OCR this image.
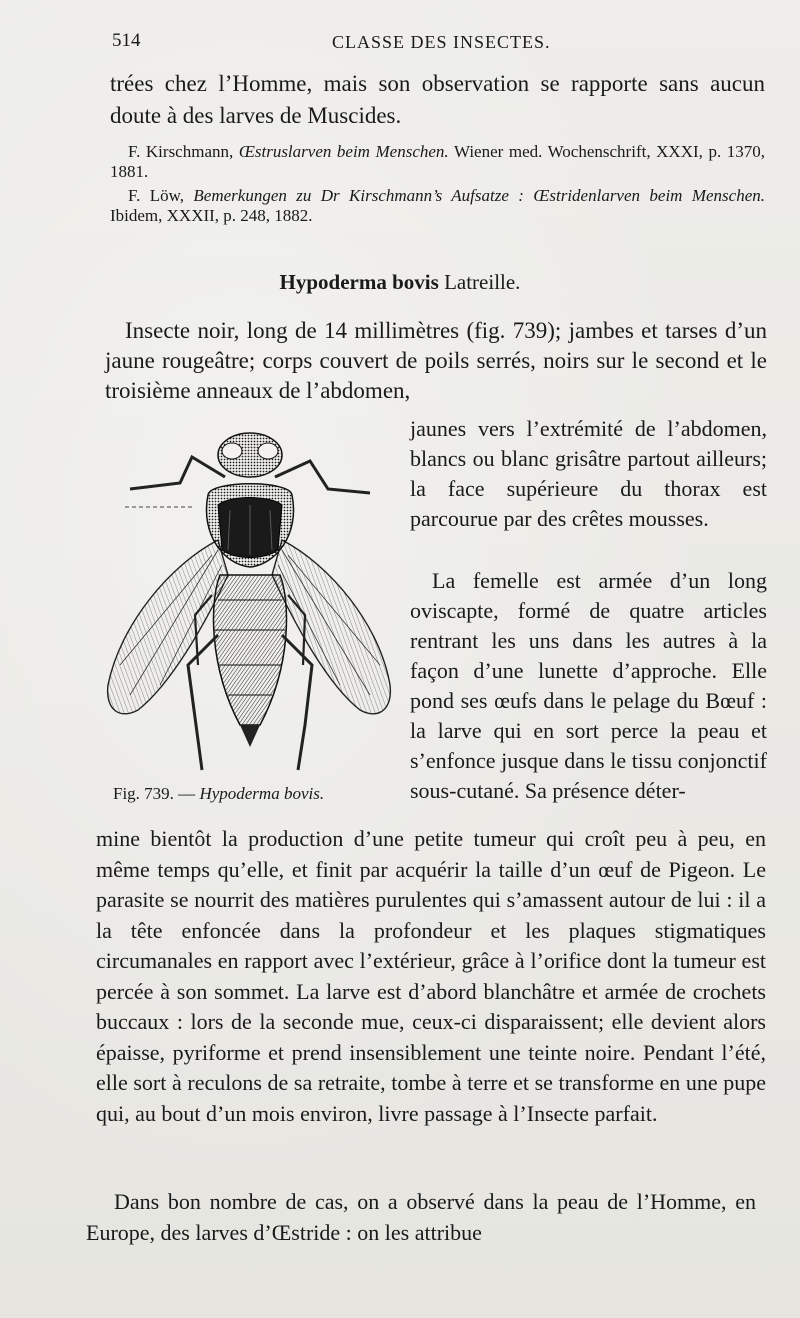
514	CLASSE DES INSECTES.
trées chez l’Homme, mais son observation se rapporte sans aucun doute à des larves de Muscides.
F. Kirschmann, Œstruslarven beim Menschen. Wiener med. Wochenschrift, XXXI, p. 1370, 1881.
F. Löw, Bemerkungen zu Dr Kirschmann’s Aufsatze : Œstridenlarven beim Menschen. Ibidem, XXXII, p. 248, 1882.
Hypoderma bovis Latreille.

Insecte noir, long de 14 millimètres (fig. 739); jambes et tarses d’un jaune rougeâtre; corps couvert de poils serrés, noirs sur le second et le troisième anneaux de l’abdomen,

Fig. 739. — Hypoderma bovis.
jaunes vers l’extrémité de l’abdomen, blancs ou blanc grisâtre partout ailleurs; la face supérieure du thorax est parcourue par des crêtes mousses.
La femelle est armée d’un long oviscapte, formé de quatre articles rentrant les uns dans les autres à la façon d’une lunette d’approche. Elle pond ses œufs dans le pelage du Bœuf : la larve qui en sort perce la peau et s’enfonce jusque dans le tissu conjonctif sous-cutané. Sa présence déter-
mine bientôt la production d’une petite tumeur qui croît peu à peu, en même temps qu’elle, et finit par acquérir la taille d’un œuf de Pigeon. Le parasite se nourrit des matières purulentes qui s’amassent autour de lui : il a la tête enfoncée dans la profondeur et les plaques stigmatiques circumanales en rapport avec l’extérieur, grâce à l’orifice dont la tumeur est percée à son sommet. La larve est d’abord blanchâtre et armée de crochets buccaux : lors de la seconde mue, ceux-ci disparaissent; elle devient alors épaisse, pyriforme et prend insensiblement une teinte noire. Pendant l’été, elle sort à reculons de sa retraite, tombe à terre et se transforme en une pupe qui, au bout d’un mois environ, livre passage à l’Insecte parfait.
Dans bon nombre de cas, on a observé dans la peau de l’Homme, en Europe, des larves d’Œstride : on les attribue
